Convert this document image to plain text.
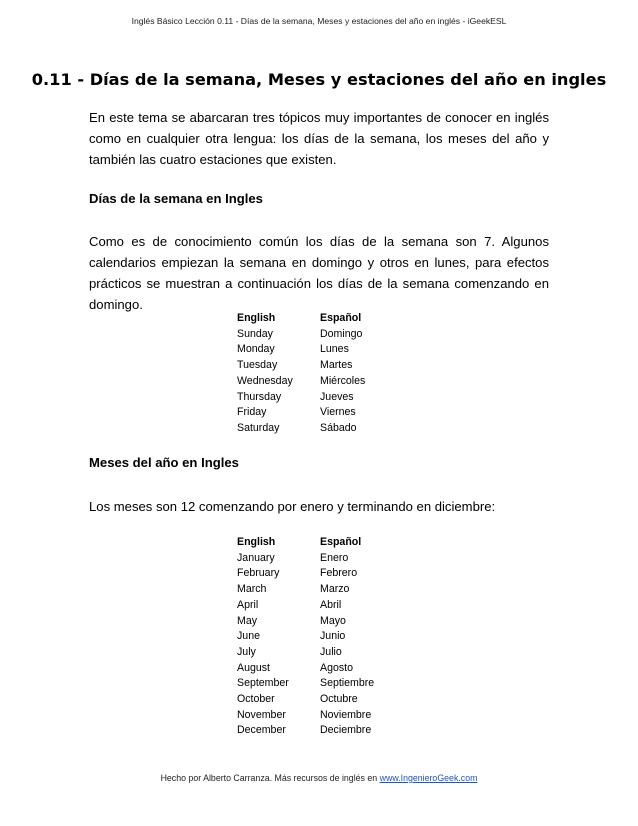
Inglés Básico Lección 0.11 - Días de la semana, Meses y estaciones del año en inglés - iGeekESL
0.11 - Días de la semana, Meses y estaciones del año en ingles

En este tema se abarcaran tres tópicos muy importantes de conocer en inglés como en cualquier otra lengua: los días de la semana, los meses del año y también las cuatro estaciones que existen.

Días de la semana en Ingles

Como es de conocimiento común los días de la semana son 7. Algunos calendarios empiezan la semana en domingo y otros en lunes, para efectos prácticos se muestran a continuación los días de la semana comenzando en domingo.

English	Español
Sunday	Domingo
Monday	Lunes
Tuesday	Martes
Wednesday	Miércoles
Thursday	Jueves
Friday	Viernes
Saturday	Sábado

Meses del año en Ingles

Los meses son 12 comenzando por enero y terminando en diciembre:

English	Español
January	Enero
February	Febrero
March	Marzo
April	Abril
May	Mayo
June	Junio
July	Julio
August	Agosto
September	Septiembre
October	Octubre
November	Noviembre
December	Deciembre
Hecho por Alberto Carranza. Más recursos de inglés en www.IngenieroGeek.com
